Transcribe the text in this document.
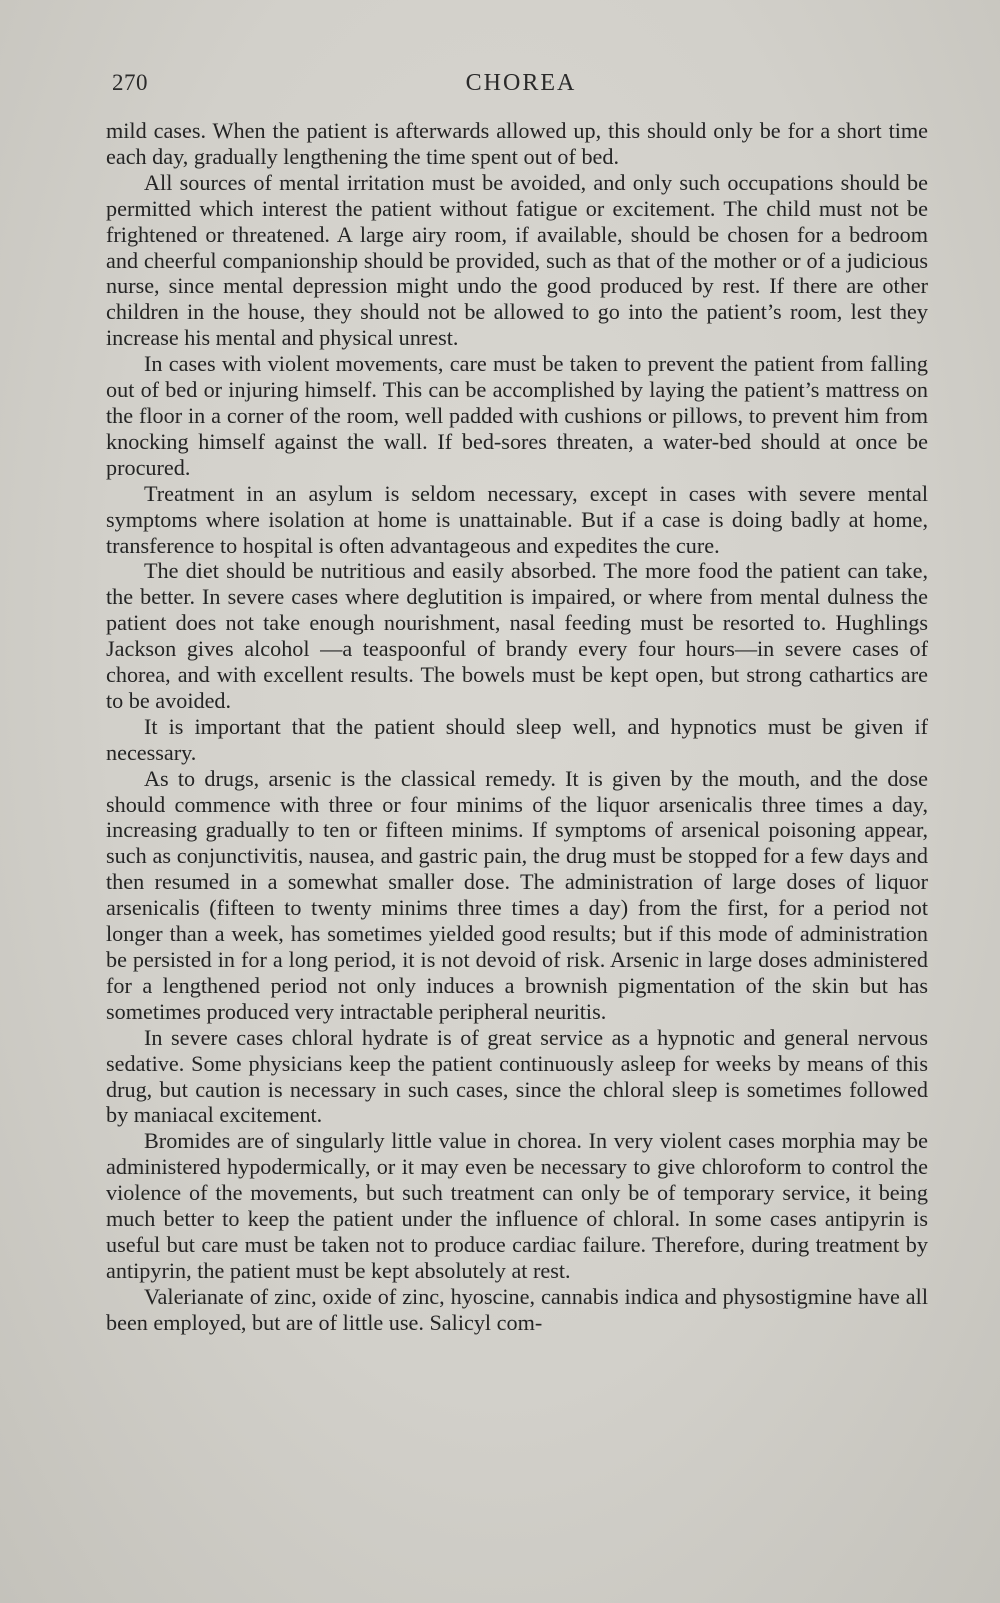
270	CHOREA

mild cases. When the patient is afterwards allowed up, this should only be for a short time each day, gradually lengthening the time spent out of bed.

All sources of mental irritation must be avoided, and only such occupations should be permitted which interest the patient without fatigue or excitement. The child must not be frightened or threatened. A large airy room, if available, should be chosen for a bedroom and cheerful companionship should be provided, such as that of the mother or of a judicious nurse, since mental depression might undo the good produced by rest. If there are other children in the house, they should not be allowed to go into the patient’s room, lest they increase his mental and physical unrest.

In cases with violent movements, care must be taken to prevent the patient from falling out of bed or injuring himself. This can be accomplished by laying the patient’s mattress on the floor in a corner of the room, well padded with cushions or pillows, to prevent him from knocking himself against the wall. If bed-sores threaten, a water-bed should at once be procured.

Treatment in an asylum is seldom necessary, except in cases with severe mental symptoms where isolation at home is unattainable. But if a case is doing badly at home, transference to hospital is often advantageous and expedites the cure.

The diet should be nutritious and easily absorbed. The more food the patient can take, the better. In severe cases where deglutition is impaired, or where from mental dulness the patient does not take enough nourishment, nasal feeding must be resorted to. Hughlings Jackson gives alcohol —a teaspoonful of brandy every four hours—in severe cases of chorea, and with excellent results. The bowels must be kept open, but strong cathartics are to be avoided.

It is important that the patient should sleep well, and hypnotics must be given if necessary.

As to drugs, arsenic is the classical remedy. It is given by the mouth, and the dose should commence with three or four minims of the liquor arsenicalis three times a day, increasing gradually to ten or fifteen minims. If symptoms of arsenical poisoning appear, such as conjunctivitis, nausea, and gastric pain, the drug must be stopped for a few days and then resumed in a somewhat smaller dose. The administration of large doses of liquor arsenicalis (fifteen to twenty minims three times a day) from the first, for a period not longer than a week, has sometimes yielded good results; but if this mode of administration be persisted in for a long period, it is not devoid of risk. Arsenic in large doses administered for a lengthened period not only induces a brownish pigmentation of the skin but has sometimes produced very intractable peripheral neuritis.

In severe cases chloral hydrate is of great service as a hypnotic and general nervous sedative. Some physicians keep the patient continuously asleep for weeks by means of this drug, but caution is necessary in such cases, since the chloral sleep is sometimes followed by maniacal excitement.

Bromides are of singularly little value in chorea. In very violent cases morphia may be administered hypodermically, or it may even be necessary to give chloroform to control the violence of the movements, but such treatment can only be of temporary service, it being much better to keep the patient under the influence of chloral. In some cases antipyrin is useful but care must be taken not to produce cardiac failure. Therefore, during treatment by antipyrin, the patient must be kept absolutely at rest.

Valerianate of zinc, oxide of zinc, hyoscine, cannabis indica and physostigmine have all been employed, but are of little use. Salicyl com-
